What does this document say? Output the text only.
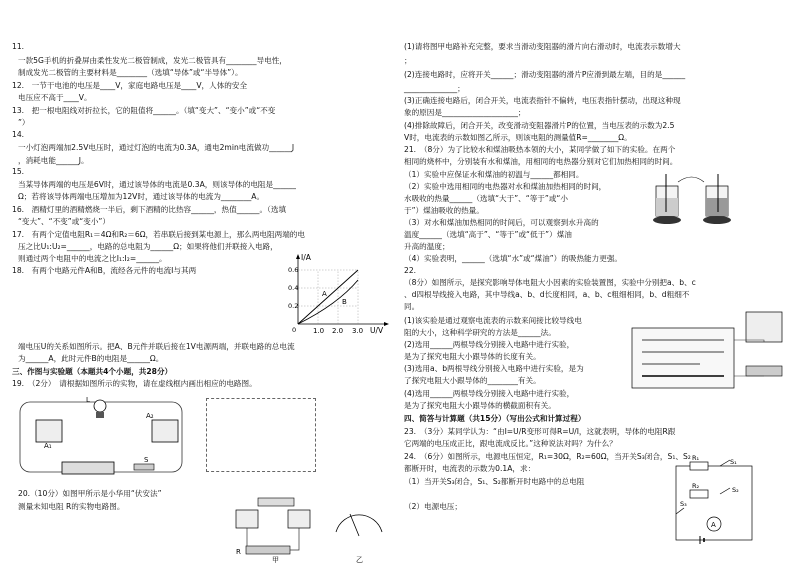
11.
一款5G手机的折叠屏由柔性发光二极管制成，发光二极管具有________导电性，
制成发光二极管的主要材料是________（选填“导体”或“半导体”）。
12.　一节干电池的电压是____V，家庭电路电压是____V，人体的安全
电压应不高于____V。
13.　把一根电阻线对折拉长，它的阻值将______。（填“变大”、“变小”或“不变
”）
14.
一小灯泡两端加2.5V电压时，通过灯泡的电流为0.3A，通电2min电流做功______J
，消耗电能______J。
15.
当某导体两端的电压是6V时，通过该导体的电流是0.3A，则该导体的电阻是______
Ω；若将该导体两端电压增加为12V时，通过该导体的电流为________A。
16.　酒精灯里的酒精燃烧一半后，剩下酒精的比热容______，热值______。（选填
“变大”、“不变”或“变小”）
17.　有两个定值电阻R₁＝4Ω和R₂＝6Ω，若串联后接到某电源上，那么两电阻两端的电
压之比U₁:U₂=______，电路的总电阻为______Ω；如果将他们并联接入电路，
则通过两个电阻中的电流之比I₁:I₂=______。
18.　有两个电路元件A和B，流经各元件的电流I与其两
I/A
0.6
0.4
0.2
0 1.0 2.0 3.0 U/V
A
B
端电压U的关系如图所示。把A、B元件并联后接在1V电源两端，并联电路的总电流
为______A，此时元件B的电阻是______Ω。
三、作图与实验题（本题共4个小题，共28分）
19.　（2分）　请根据如图所示的实物，请在虚线框内画出相应的电路图。
L
A₁
A₂
S
20.（10分）如图甲所示是小华用“伏安法”
测量未知电阻 R的实物电路图。
R
甲	乙
(1)请将图甲电路补充完整，要求当滑动变阻器的滑片向右滑动时，电流表示数增大
；
(2)连接电路时，应将开关______；滑动变阻器的滑片P应滑到最左端，目的是______
______________；
(3)正确连接电路后，闭合开关，电流表指针不偏转，电压表指针摆动，出现这种现
象的原因是____________________；
(4)排除故障后，闭合开关，改变滑动变阻器滑片P的位置，当电压表的示数为2.5
V时，电流表的示数如图乙所示，则该电阻的测量值R=________Ω。
21.　（8分）为了比较水和煤油吸热本领的大小，某同学做了如下的实验。在两个
相同的烧杯中，分别装有水和煤油，用相同的电热器分别对它们加热相同的时间。
（1）实验中应保证水和煤油的初温与______都相同。
（2）实验中选用相同的电热器对水和煤油加热相同的时间，
水吸收的热量______（选填“大于”、“等于”或“小
于”）煤油吸收的热量。
（3）对水和煤油加热相同的时间后，可以观察到水升高的
温度______（选填“高于”、“等于”或“低于”）煤油
升高的温度；
（4）实验表明，______（选填“水”或“煤油”）的吸热能力更强。
22.
（8分）如图所示，是探究影响导体电阻大小因素的实验装置图，实验中分别把a、b、c
、d四根导线接入电路，其中导线a、b、d长度相同，a、b、c粗细相同，b、d粗细不
同。
(1)该实验是通过观察电流表的示数来间接比较导线电
阻的大小，这种科学研究的方法是______法。
(2)选用______两根导线分别接入电路中进行实验，
是为了探究电阻大小跟导体的长度有关。
(3)选用a、b两根导线分别接入电路中进行实验，是为
了探究电阻大小跟导体的________有关。
(4)选用______两根导线分别接入电路中进行实验，
是为了探究电阻大小跟导体的横截面积有关。
四、简答与计算题（共15分）（写出公式和计算过程）
23.　（3分）某同学认为：“由I=U/R变形可得R=U/I，这就表明，导体的电阻R跟
它两端的电压成正比，跟电流成反比。”这种说法对吗？为什么？
24.　（6分）如图所示，电源电压恒定，R₁=30Ω，R₂=60Ω，当开关S₃闭合，S₁、S₂
都断开时，电流表的示数为0.1A，求：
（1）当开关S₃闭合，S₁、S₂都断开时电路中的总电阻
（2）电源电压；
R₁
R₂
S₁
S₂
S₃
A
